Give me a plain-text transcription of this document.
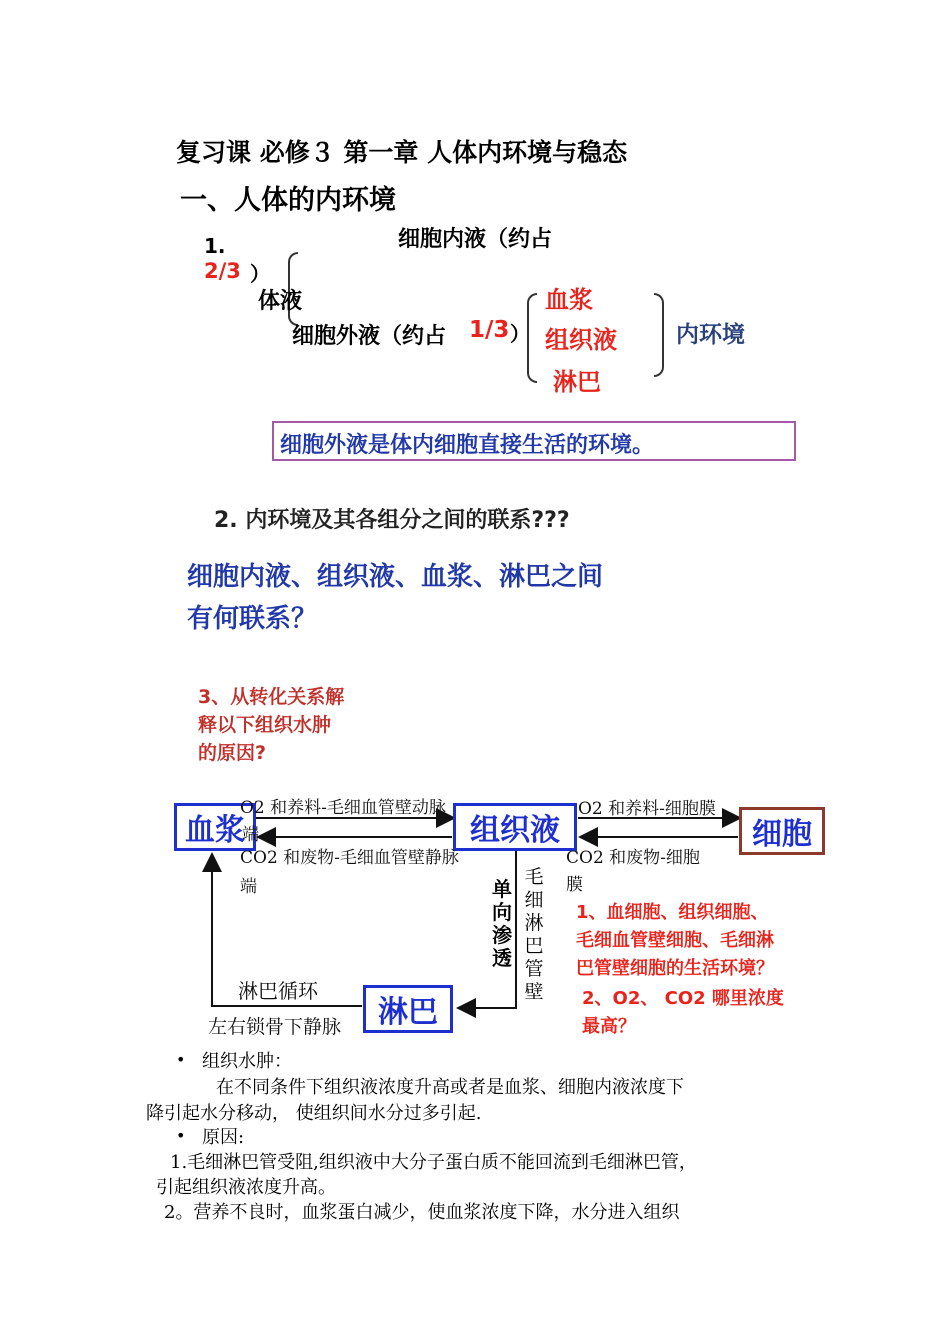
复习课 必修３ 第一章 人体内环境与稳态
一、人体的内环境
1.
2/3 ）
细胞内液（约占
体液
细胞外液（约占 1/3 ）
血浆
组织液
淋巴
内环境
细胞外液是体内细胞直接生活的环境。
2. 内环境及其各组分之间的联系???
细胞内液、组织液、血浆、淋巴之间
有何联系？
3、从转化关系解
释以下组织水肿
的原因?
血浆	组织液	细胞
淋巴
O2 和养料-毛细血管壁动脉
端
CO2 和废物-毛细血管壁静脉
端
O2 和养料-细胞膜
CO2 和废物-细胞
膜
单向渗透
毛细淋巴管壁
淋巴循环
左右锁骨下静脉
1、血细胞、组织细胞、
毛细血管壁细胞、毛细淋
巴管壁细胞的生活环境？
2、O2、 CO2 哪里浓度
最高？
• 组织水肿：
在不同条件下组织液浓度升高或者是血浆、细胞内液浓度下
降引起水分移动， 使组织间水分过多引起.
• 原因:
1.毛细淋巴管受阻,组织液中大分子蛋白质不能回流到毛细淋巴管，
引起组织液浓度升高。
2。营养不良时，血浆蛋白减少，使血浆浓度下降，水分进入组织
